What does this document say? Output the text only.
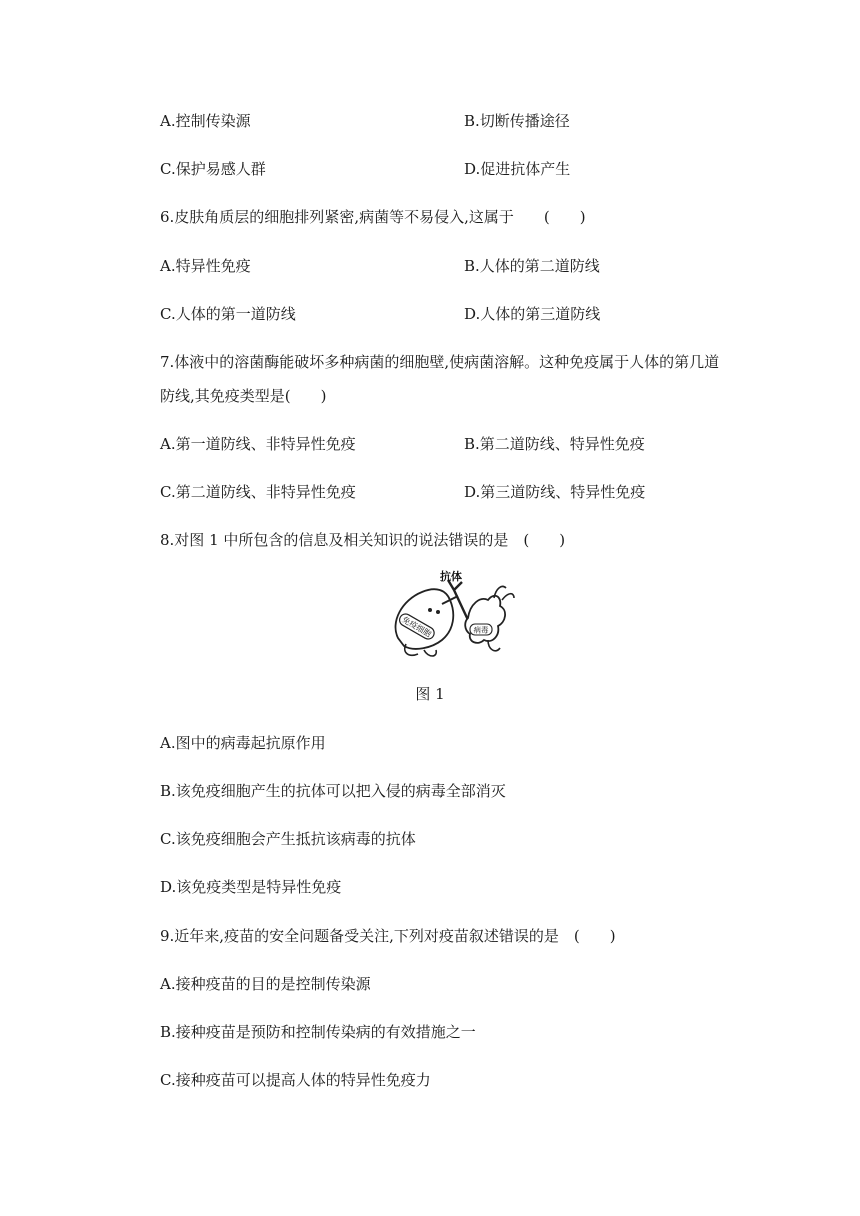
A.控制传染源	B.切断传播途径
C.保护易感人群	D.促进抗体产生
6.皮肤角质层的细胞排列紧密,病菌等不易侵入,这属于　　(　　)
A.特异性免疫	B.人体的第二道防线
C.人体的第一道防线	D.人体的第三道防线
7.体液中的溶菌酶能破坏多种病菌的细胞壁,使病菌溶解。这种免疫属于人体的第几道
防线,其免疫类型是(　　)
A.第一道防线、非特异性免疫	B.第二道防线、特异性免疫
C.第二道防线、非特异性免疫	D.第三道防线、特异性免疫
8.对图 1 中所包含的信息及相关知识的说法错误的是　(　　)
免疫细胞
抗体
病毒
图 1
A.图中的病毒起抗原作用
B.该免疫细胞产生的抗体可以把入侵的病毒全部消灭
C.该免疫细胞会产生抵抗该病毒的抗体
D.该免疫类型是特异性免疫
9.近年来,疫苗的安全问题备受关注,下列对疫苗叙述错误的是　(　　)
A.接种疫苗的目的是控制传染源
B.接种疫苗是预防和控制传染病的有效措施之一
C.接种疫苗可以提高人体的特异性免疫力
